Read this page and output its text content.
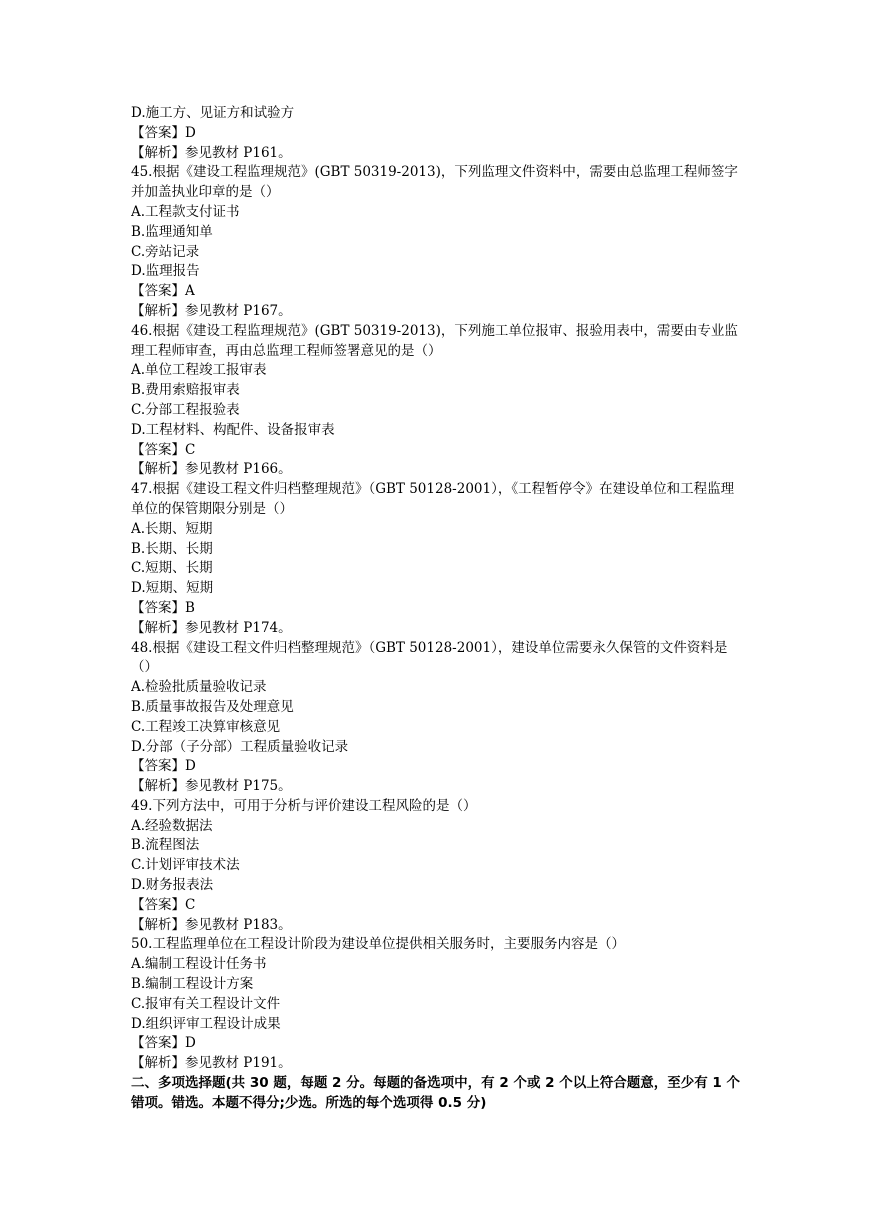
D.施工方、见证方和试验方
【答案】D
【解析】参见教材 P161。
45.根据《建设工程监理规范》(GBT 50319-2013)，下列监理文件资料中，需要由总监理工程师签字并加盖执业印章的是（）
A.工程款支付证书
B.监理通知单
C.旁站记录
D.监理报告
【答案】A
【解析】参见教材 P167。
46.根据《建设工程监理规范》(GBT 50319-2013)，下列施工单位报审、报验用表中，需要由专业监理工程师审查，再由总监理工程师签署意见的是（）
A.单位工程竣工报审表
B.费用索赔报审表
C.分部工程报验表
D.工程材料、构配件、设备报审表
【答案】C
【解析】参见教材 P166。
47.根据《建设工程文件归档整理规范》（GBT 50128-2001），《工程暂停令》在建设单位和工程监理单位的保管期限分别是（）
A.长期、短期
B.长期、长期
C.短期、长期
D.短期、短期
【答案】B
【解析】参见教材 P174。
48.根据《建设工程文件归档整理规范》（GBT 50128-2001），建设单位需要永久保管的文件资料是（）
A.检验批质量验收记录
B.质量事故报告及处理意见
C.工程竣工决算审核意见
D.分部（子分部）工程质量验收记录
【答案】D
【解析】参见教材 P175。
49.下列方法中，可用于分析与评价建设工程风险的是（）
A.经验数据法
B.流程图法
C.计划评审技术法
D.财务报表法
【答案】C
【解析】参见教材 P183。
50.工程监理单位在工程设计阶段为建设单位提供相关服务时，主要服务内容是（）
A.编制工程设计任务书
B.编制工程设计方案
C.报审有关工程设计文件
D.组织评审工程设计成果
【答案】D
【解析】参见教材 P191。
二、多项选择题(共 30 题，每题 2 分。每题的备选项中，有 2 个或 2 个以上符合题意，至少有 1 个错项。错选。本题不得分;少选。所选的每个选项得 0.5 分)
